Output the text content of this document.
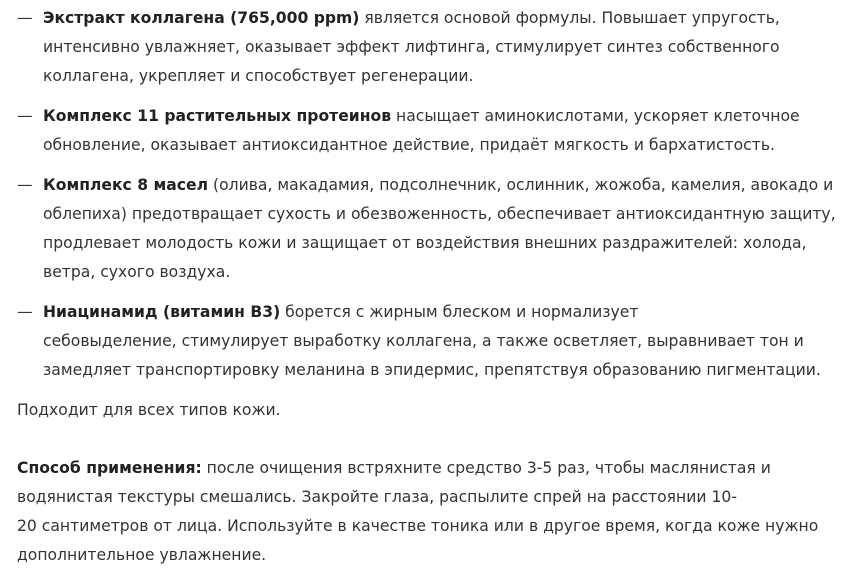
— Экстракт коллагена (765,000 ppm) является основой формулы. Повышает упругость,
интенсивно увлажняет, оказывает эффект лифтинга, стимулирует синтез собственного
коллагена, укрепляет и способствует регенерации.
— Комплекс 11 растительных протеинов насыщает аминокислотами, ускоряет клеточное
обновление, оказывает антиоксидантное действие, придаёт мягкость и бархатистость.
— Комплекс 8 масел (олива, макадамия, подсолнечник, ослинник, жожоба, камелия, авокадо и
облепиха) предотвращает сухость и обезвоженность, обеспечивает антиоксидантную защиту,
продлевает молодость кожи и защищает от воздействия внешних раздражителей: холода,
ветра, сухого воздуха.
— Ниацинамид (витамин В3) борется с жирным блеском и нормализует
себовыделение, стимулирует выработку коллагена, а также осветляет, выравнивает тон и
замедляет транспортировку меланина в эпидермис, препятствуя образованию пигментации.

Подходит для всех типов кожи.

Способ применения: после очищения встряхните средство 3-5 раз, чтобы маслянистая и
водянистая текстуры смешались. Закройте глаза, распылите спрей на расстоянии 10-
20 сантиметров от лица. Используйте в качестве тоника или в другое время, когда коже нужно
дополнительное увлажнение.
